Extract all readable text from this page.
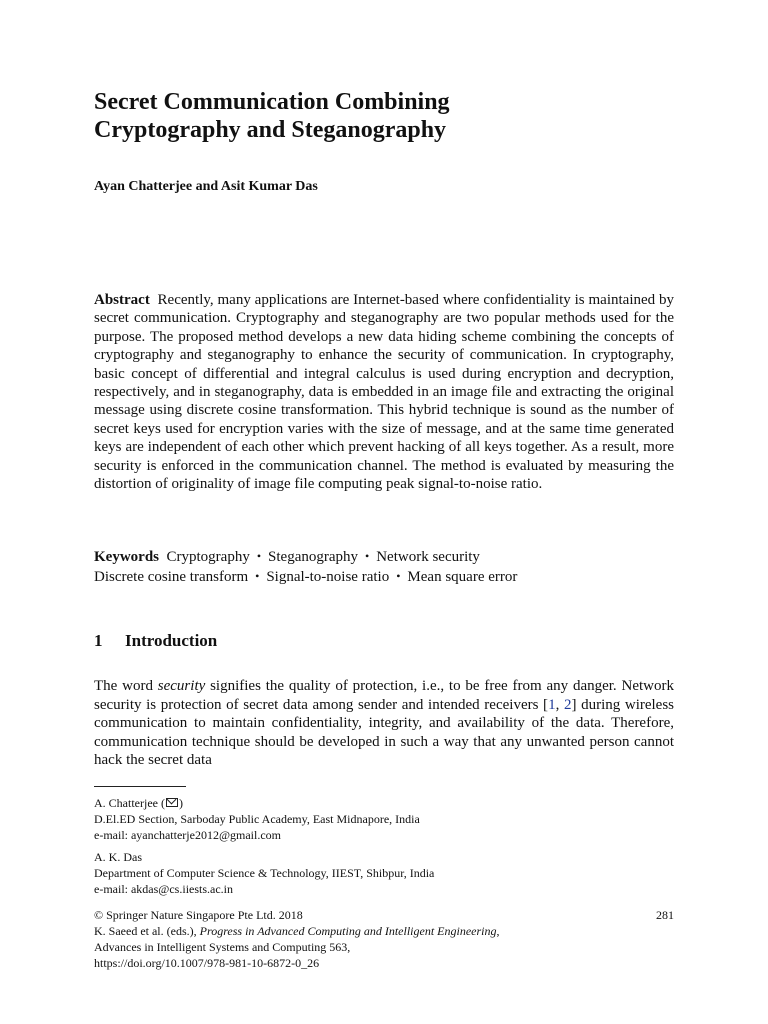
Secret Communication Combining
Cryptography and Steganography

Ayan Chatterjee and Asit Kumar Das

Abstract Recently, many applications are Internet-based where confidentiality is maintained by secret communication. Cryptography and steganography are two popular methods used for the purpose. The proposed method develops a new data hiding scheme combining the concepts of cryptography and steganography to enhance the security of communication. In cryptography, basic concept of differential and integral calculus is used during encryption and decryption, respectively, and in steganography, data is embedded in an image file and extracting the original message using discrete cosine transformation. This hybrid technique is sound as the number of secret keys used for encryption varies with the size of message, and at the same time generated keys are independent of each other which prevent hacking of all keys together. As a result, more security is enforced in the communication channel. The method is evaluated by measuring the distortion of originality of image file computing peak signal-to-noise ratio.

Keywords Cryptography • Steganography • Network security
Discrete cosine transform • Signal-to-noise ratio • Mean square error

1 Introduction

The word security signifies the quality of protection, i.e., to be free from any danger. Network security is protection of secret data among sender and intended receivers [1, 2] during wireless communication to maintain confidentiality, integrity, and availability of the data. Therefore, communication technique should be developed in such a way that any unwanted person cannot hack the secret data

A. Chatterjee ( )
D.El.ED Section, Sarboday Public Academy, East Midnapore, India
e-mail: ayanchatterje2012@gmail.com

A. K. Das
Department of Computer Science & Technology, IIEST, Shibpur, India
e-mail: akdas@cs.iiests.ac.in

© Springer Nature Singapore Pte Ltd. 2018
K. Saeed et al. (eds.), Progress in Advanced Computing and Intelligent Engineering,
Advances in Intelligent Systems and Computing 563,
https://doi.org/10.1007/978-981-10-6872-0_26

281
